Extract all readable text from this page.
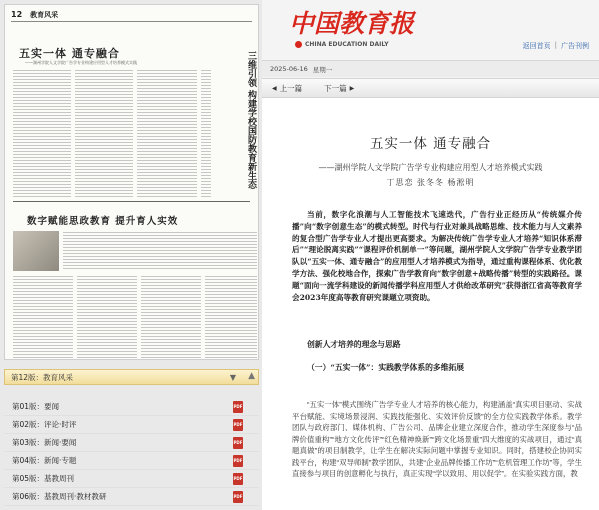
12 教育风采
五实一体 通专融合
——湖州学院人文学院广告学专业构建应用型人才培养模式实践	三维引领 构建学校国防教育新生态
数字赋能思政教育 提升育人实效
第12版：教育风采	▼	▲
第01版：要闻	PDF
第02版：评论·时评	PDF
第03版：新闻·要闻	PDF
第04版：新闻·专题	PDF
第05版：基教周刊	PDF
第06版：基教周刊·教材教研	PDF
中国教育报
CHINA EDUCATION DAILY	返回首页 | 广告刊例
2025-06-16 星期一
◀ 上一篇	下一篇 ▶
五实一体 通专融合
——湖州学院人文学院广告学专业构建应用型人才培养模式实践
丁思恋 张冬冬 杨淞明
当前，数字化浪潮与人工智能技术飞速迭代，广告行业正经历从“传统媒介传播”向“数字创意生态”的模式转型。时代与行业对兼具战略思维、技术能力与人文素养的复合型广告学专业人才提出更高要求。为解决传统广告学专业人才培养“知识体系滞后”“理论脱离实践”“课程评价机制单一”等问题，湖州学院人文学院广告学专业教学团队以“五实一体、通专融合”的应用型人才培养模式为指导，通过重构课程体系、优化教学方法、强化校地合作，探索广告学教育向“数字创意+战略传播”转型的实践路径。课题“面向一流学科建设的新闻传播学科应用型人才供给改革研究”获得浙江省高等教育学会2023年度高等教育研究课题立项资助。
创新人才培养的理念与思路
（一）“五实一体”：实践教学体系的多维拓展
“五实一体”模式围绕广告学专业人才培养的核心能力，构建涵盖“真实项目驱动、实战平台赋能、实境场景浸润、实践技能强化、实效评价反馈”的全方位实践教学体系。教学团队与政府部门、媒体机构、广告公司、品牌企业建立深度合作，推动学生深度参与“品牌价值重构”“地方文化传评”“红色精神焕新”“跨文化场景重”四大维度的实战项目，通过“真题真做”的项目制教学，让学生在解决实际问题中掌握专业知识。同时，搭建校企协同实践平台，构建“双导师制”教学团队，共建“企业品牌传播工作坊”“危机管理工作坊”等，学生直接参与项目的创意孵化与执行，真正实现“学以致用、用以促学”。在实验实践方面，教
